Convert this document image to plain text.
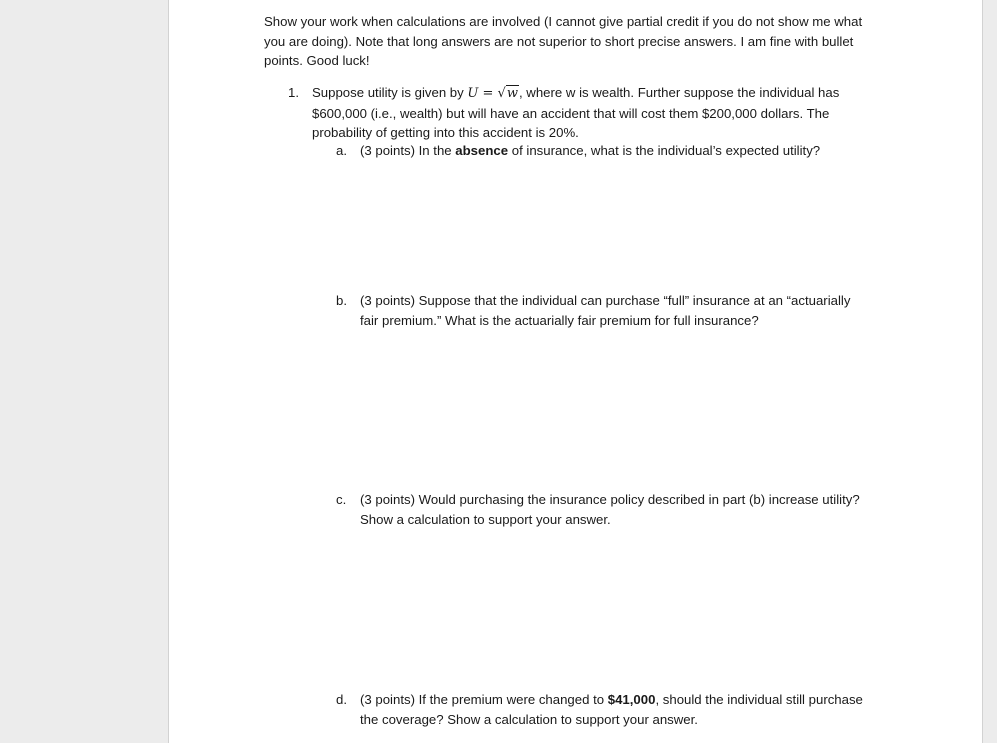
Show your work when calculations are involved (I cannot give partial credit if you do not show me what
you are doing). Note that long answers are not superior to short precise answers. I am fine with bullet
points. Good luck!
1. Suppose utility is given by U = √w, where w is wealth. Further suppose the individual has
$600,000 (i.e., wealth) but will have an accident that will cost them $200,000 dollars. The
probability of getting into this accident is 20%.
a. (3 points) In the absence of insurance, what is the individual’s expected utility?
b. (3 points) Suppose that the individual can purchase “full” insurance at an “actuarially
fair premium.” What is the actuarially fair premium for full insurance?
c. (3 points) Would purchasing the insurance policy described in part (b) increase utility?
Show a calculation to support your answer.
d. (3 points) If the premium were changed to $41,000, should the individual still purchase
the coverage? Show a calculation to support your answer.
